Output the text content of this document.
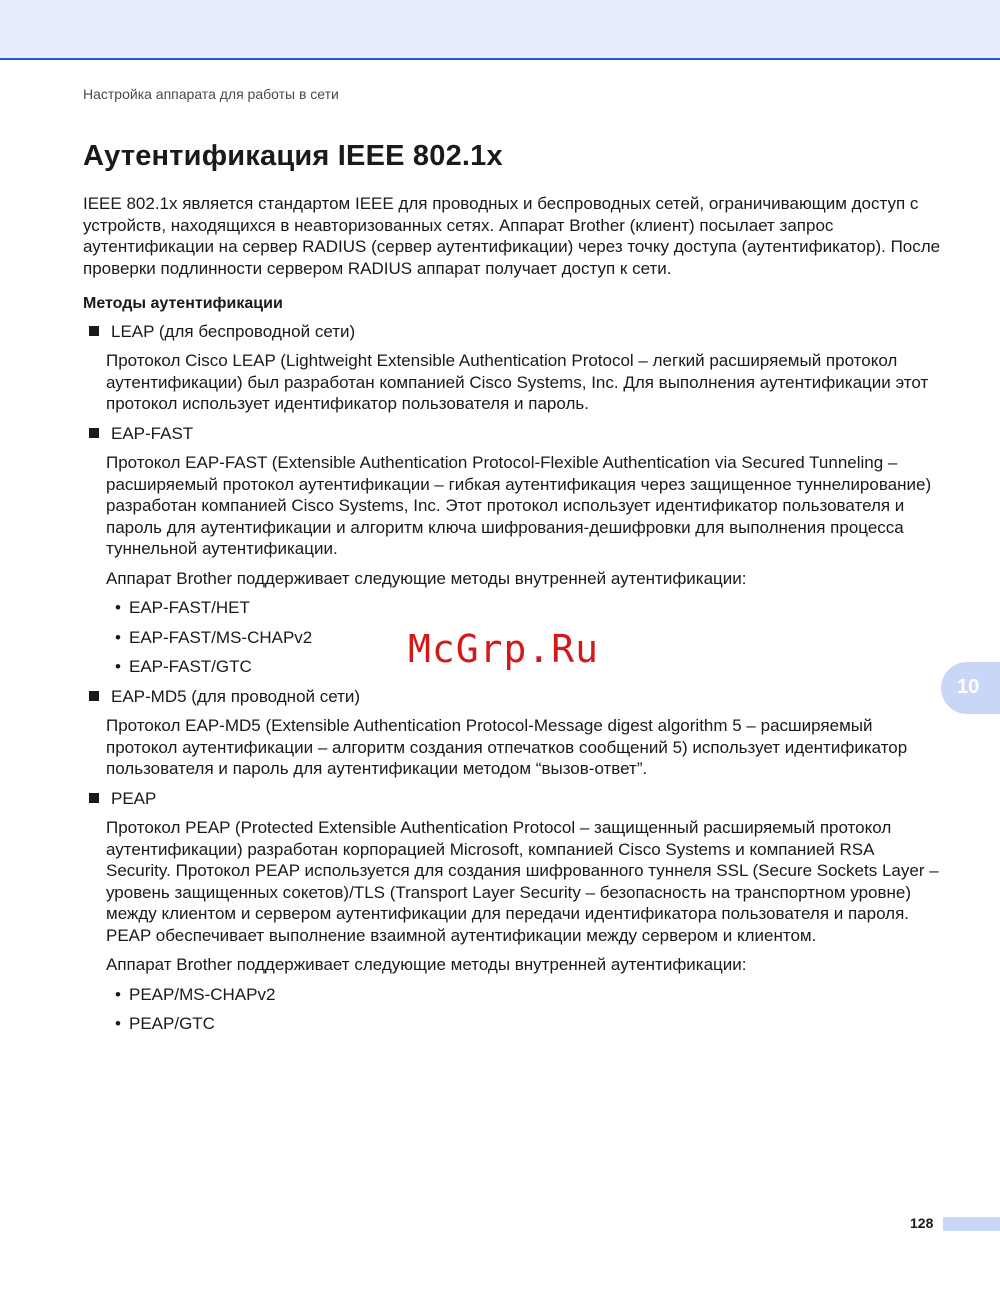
Настройка аппарата для работы в сети
Аутентификация IEEE 802.1x

IEEE 802.1x является стандартом IEEE для проводных и беспроводных сетей, ограничивающим доступ с устройств, находящихся в неавторизованных сетях. Аппарат Brother (клиент) посылает запрос аутентификации на сервер RADIUS (сервер аутентификации) через точку доступа (аутентификатор). После проверки подлинности сервером RADIUS аппарат получает доступ к сети.

Методы аутентификации
LEAP (для беспроводной сети)

Протокол Cisco LEAP (Lightweight Extensible Authentication Protocol – легкий расширяемый протокол аутентификации) был разработан компанией Cisco Systems, Inc. Для выполнения аутентификации этот протокол использует идентификатор пользователя и пароль.

EAP-FAST

Протокол EAP-FAST (Extensible Authentication Protocol-Flexible Authentication via Secured Tunneling – расширяемый протокол аутентификации – гибкая аутентификация через защищенное туннелирование) разработан компанией Cisco Systems, Inc. Этот протокол использует идентификатор пользователя и пароль для аутентификации и алгоритм ключа шифрования-дешифровки для выполнения процесса туннельной аутентификации.

Аппарат Brother поддерживает следующие методы внутренней аутентификации:

• EAP-FAST/НЕТ
• EAP-FAST/MS-CHAPv2
• EAP-FAST/GTC
EAP-MD5 (для проводной сети)

Протокол EAP-MD5 (Extensible Authentication Protocol-Message digest algorithm 5 – расширяемый протокол аутентификации – алгоритм создания отпечатков сообщений 5) использует идентификатор пользователя и пароль для аутентификации методом “вызов-ответ”.

PEAP

Протокол PEAP (Protected Extensible Authentication Protocol – защищенный расширяемый протокол аутентификации) разработан корпорацией Microsoft, компанией Cisco Systems и компанией RSA Security. Протокол PEAP используется для создания шифрованного туннеля SSL (Secure Sockets Layer – уровень защищенных сокетов)/TLS (Transport Layer Security – безопасность на транспортном уровне) между клиентом и сервером аутентификации для передачи идентификатора пользователя и пароля. PEAP обеспечивает выполнение взаимной аутентификации между сервером и клиентом.

Аппарат Brother поддерживает следующие методы внутренней аутентификации:

• PEAP/MS-CHAPv2
• PEAP/GTC
McGrp.Ru
10
128
